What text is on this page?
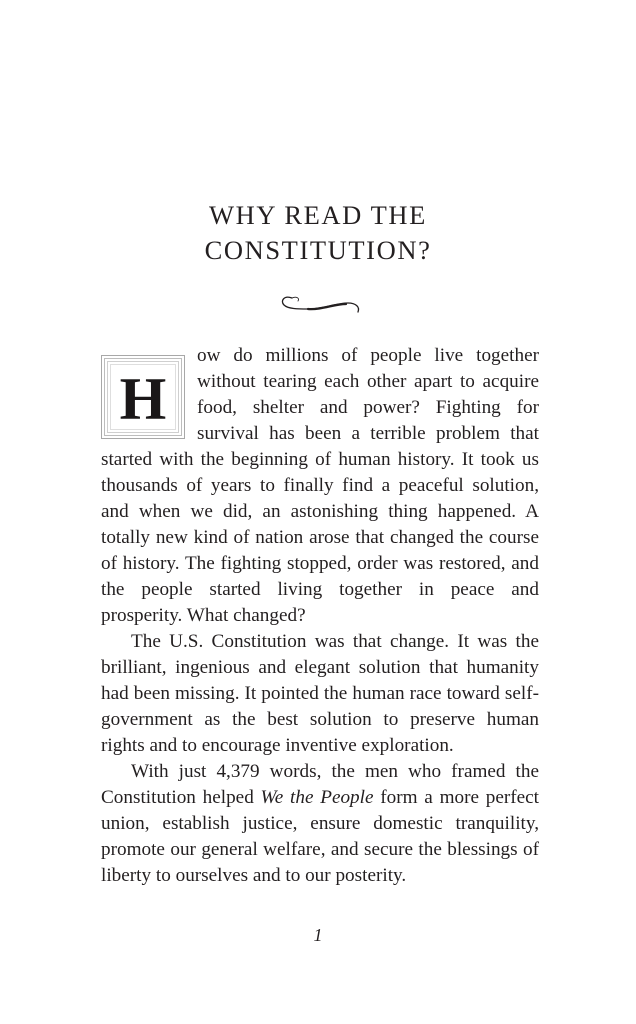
WHY READ THE
CONSTITUTION?

H
ow do millions of people live together without tearing each other apart to acquire food, shelter and power? Fighting for survival has been a terrible problem that started with the beginning of human history. It took us thousands of years to finally find a peaceful solution, and when we did, an astonishing thing happened. A totally new kind of nation arose that changed the course of history. The fighting stopped, order was restored, and the people started living together in peace and prosperity. What changed?

The U.S. Constitution was that change. It was the brilliant, ingenious and elegant solution that humanity had been missing. It pointed the human race toward self-government as the best solution to preserve human rights and to encourage inventive exploration.

With just 4,379 words, the men who framed the Constitution helped We the People form a more perfect union, establish justice, ensure domestic tranquility, promote our general welfare, and secure the blessings of liberty to ourselves and to our posterity.

1
